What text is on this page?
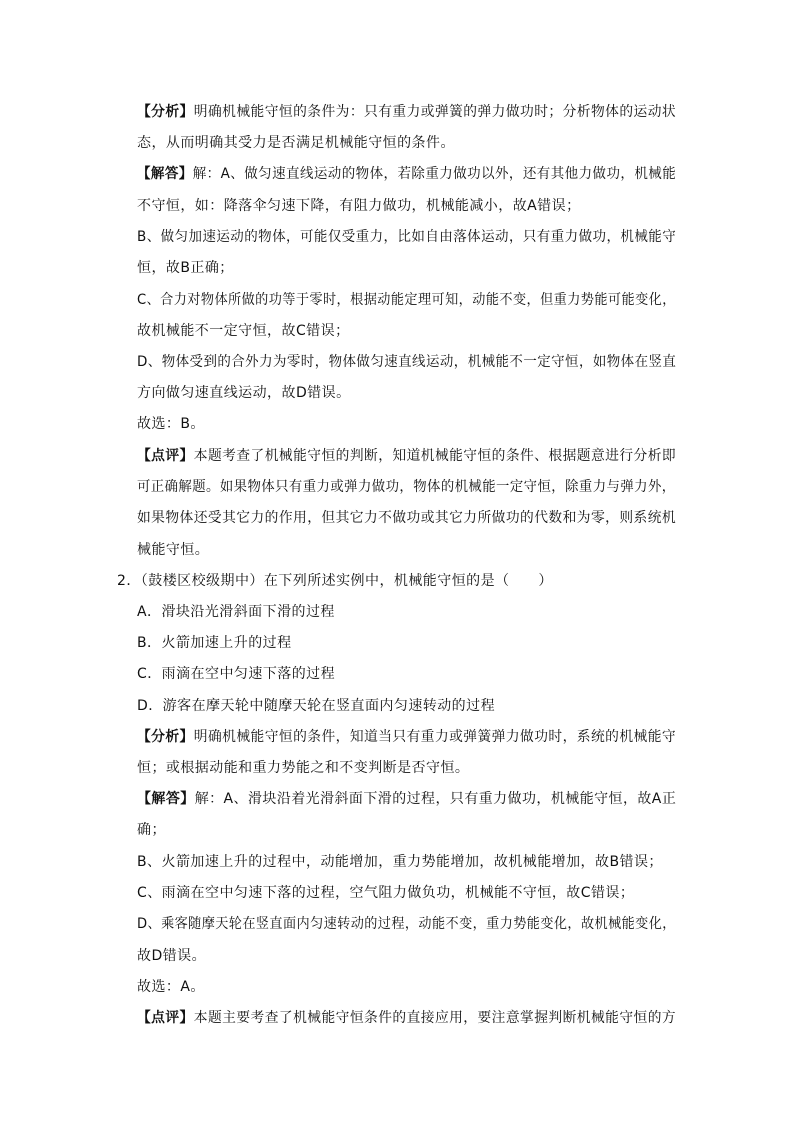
【分析】明确机械能守恒的条件为：只有重力或弹簧的弹力做功时；分析物体的运动状
态，从而明确其受力是否满足机械能守恒的条件。
【解答】解：A、做匀速直线运动的物体，若除重力做功以外，还有其他力做功，机械能
不守恒，如：降落伞匀速下降，有阻力做功，机械能减小，故A错误；
B、做匀加速运动的物体，可能仅受重力，比如自由落体运动，只有重力做功，机械能守
恒，故B正确；
C、合力对物体所做的功等于零时，根据动能定理可知，动能不变，但重力势能可能变化，
故机械能不一定守恒，故C错误；
D、物体受到的合外力为零时，物体做匀速直线运动，机械能不一定守恒，如物体在竖直
方向做匀速直线运动，故D错误。
故选：B。
【点评】本题考查了机械能守恒的判断，知道机械能守恒的条件、根据题意进行分析即
可正确解题。如果物体只有重力或弹力做功，物体的机械能一定守恒，除重力与弹力外，
如果物体还受其它力的作用，但其它力不做功或其它力所做功的代数和为零，则系统机
械能守恒。
2．（鼓楼区校级期中）在下列所述实例中，机械能守恒的是（　　）
A．滑块沿光滑斜面下滑的过程
B．火箭加速上升的过程
C．雨滴在空中匀速下落的过程
D．游客在摩天轮中随摩天轮在竖直面内匀速转动的过程
【分析】明确机械能守恒的条件，知道当只有重力或弹簧弹力做功时，系统的机械能守
恒；或根据动能和重力势能之和不变判断是否守恒。
【解答】解：A、滑块沿着光滑斜面下滑的过程，只有重力做功，机械能守恒，故A正
确；
B、火箭加速上升的过程中，动能增加，重力势能增加，故机械能增加，故B错误；
C、雨滴在空中匀速下落的过程，空气阻力做负功，机械能不守恒，故C错误；
D、乘客随摩天轮在竖直面内匀速转动的过程，动能不变，重力势能变化，故机械能变化，
故D错误。
故选：A。
【点评】本题主要考查了机械能守恒条件的直接应用，要注意掌握判断机械能守恒的方
